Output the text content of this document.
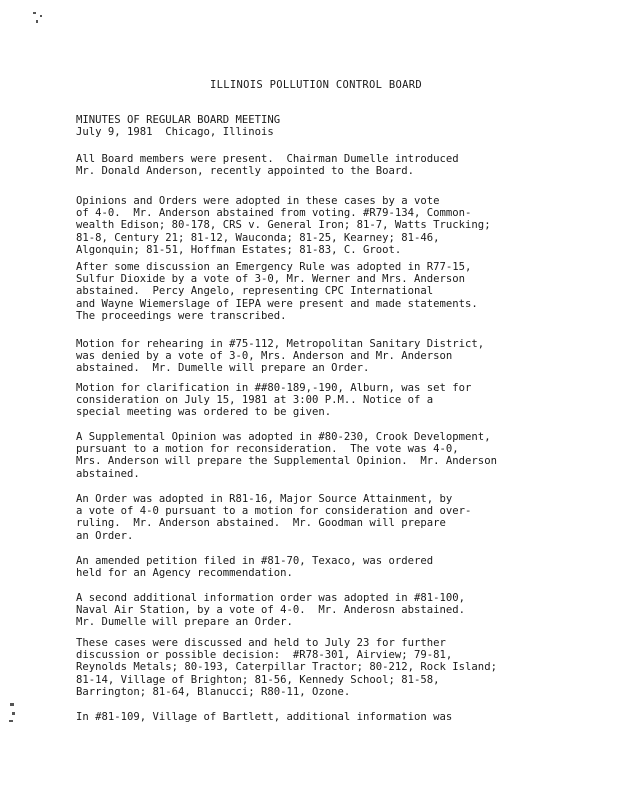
ILLINOIS POLLUTION CONTROL BOARD
MINUTES OF REGULAR BOARD MEETING
July 9, 1981  Chicago, Illinois
All Board members were present.  Chairman Dumelle introduced
Mr. Donald Anderson, recently appointed to the Board.
Opinions and Orders were adopted in these cases by a vote
of 4-0.  Mr. Anderson abstained from voting. #R79-134, Common-
wealth Edison; 80-178, CRS v. General Iron; 81-7, Watts Trucking;
81-8, Century 21; 81-12, Wauconda; 81-25, Kearney; 81-46,
Algonquin; 81-51, Hoffman Estates; 81-83, C. Groot.
After some discussion an Emergency Rule was adopted in R77-15,
Sulfur Dioxide by a vote of 3-0, Mr. Werner and Mrs. Anderson
abstained.  Percy Angelo, representing CPC International
and Wayne Wiemerslage of IEPA were present and made statements.
The proceedings were transcribed.
Motion for rehearing in #75-112, Metropolitan Sanitary District,
was denied by a vote of 3-0, Mrs. Anderson and Mr. Anderson
abstained.  Mr. Dumelle will prepare an Order.
Motion for clarification in ##80-189,-190, Alburn, was set for
consideration on July 15, 1981 at 3:00 P.M.. Notice of a
special meeting was ordered to be given.
A Supplemental Opinion was adopted in #80-230, Crook Development,
pursuant to a motion for reconsideration.  The vote was 4-0,
Mrs. Anderson will prepare the Supplemental Opinion.  Mr. Anderson
abstained.
An Order was adopted in R81-16, Major Source Attainment, by
a vote of 4-0 pursuant to a motion for consideration and over-
ruling.  Mr. Anderson abstained.  Mr. Goodman will prepare
an Order.
An amended petition filed in #81-70, Texaco, was ordered
held for an Agency recommendation.
A second additional information order was adopted in #81-100,
Naval Air Station, by a vote of 4-0.  Mr. Anderosn abstained.
Mr. Dumelle will prepare an Order.
These cases were discussed and held to July 23 for further
discussion or possible decision:  #R78-301, Airview; 79-81,
Reynolds Metals; 80-193, Caterpillar Tractor; 80-212, Rock Island;
81-14, Village of Brighton; 81-56, Kennedy School; 81-58,
Barrington; 81-64, Blanucci; R80-11, Ozone.
In #81-109, Village of Bartlett, additional information was
